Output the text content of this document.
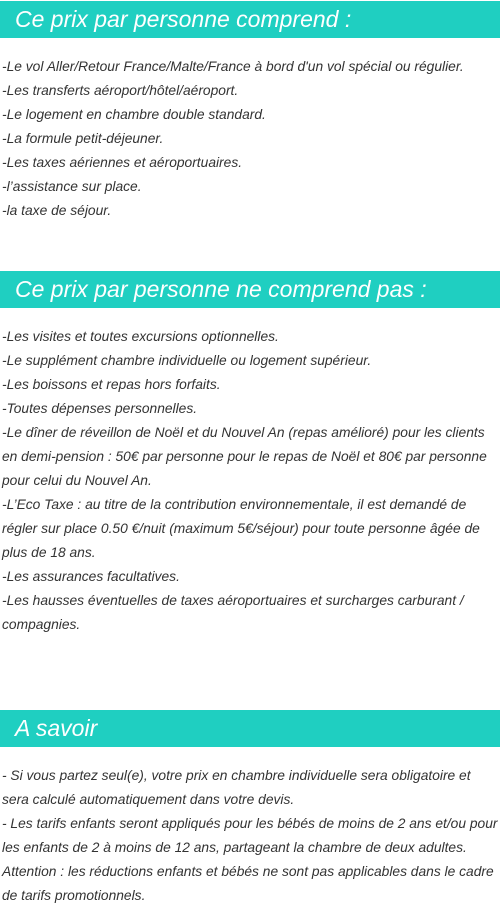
Ce prix par personne comprend :
-Le vol Aller/Retour France/Malte/France à bord d'un vol spécial ou régulier.
-Les transferts aéroport/hôtel/aéroport.
-Le logement en chambre double standard.
-La formule petit-déjeuner.
-Les taxes aériennes et aéroportuaires.
-l’assistance sur place.
-la taxe de séjour.
Ce prix par personne ne comprend pas :
-Les visites et toutes excursions optionnelles.
-Le supplément chambre individuelle ou logement supérieur.
-Les boissons et repas hors forfaits.
-Toutes dépenses personnelles.
-Le dîner de réveillon de Noël et du Nouvel An (repas amélioré) pour les clients en demi-pension : 50€ par personne pour le repas de Noël et 80€ par personne pour celui du Nouvel An.
-L’Eco Taxe : au titre de la contribution environnementale, il est demandé de régler sur place 0.50 €/nuit (maximum 5€/séjour) pour toute personne âgée de plus de 18 ans.
-Les assurances facultatives.
-Les hausses éventuelles de taxes aéroportuaires et surcharges carburant / compagnies.
A savoir
- Si vous partez seul(e), votre prix en chambre individuelle sera obligatoire et sera calculé automatiquement dans votre devis.
- Les tarifs enfants seront appliqués pour les bébés de moins de 2 ans et/ou pour les enfants de 2 à moins de 12 ans, partageant la chambre de deux adultes.
Attention : les réductions enfants et bébés ne sont pas applicables dans le cadre de tarifs promotionnels.
